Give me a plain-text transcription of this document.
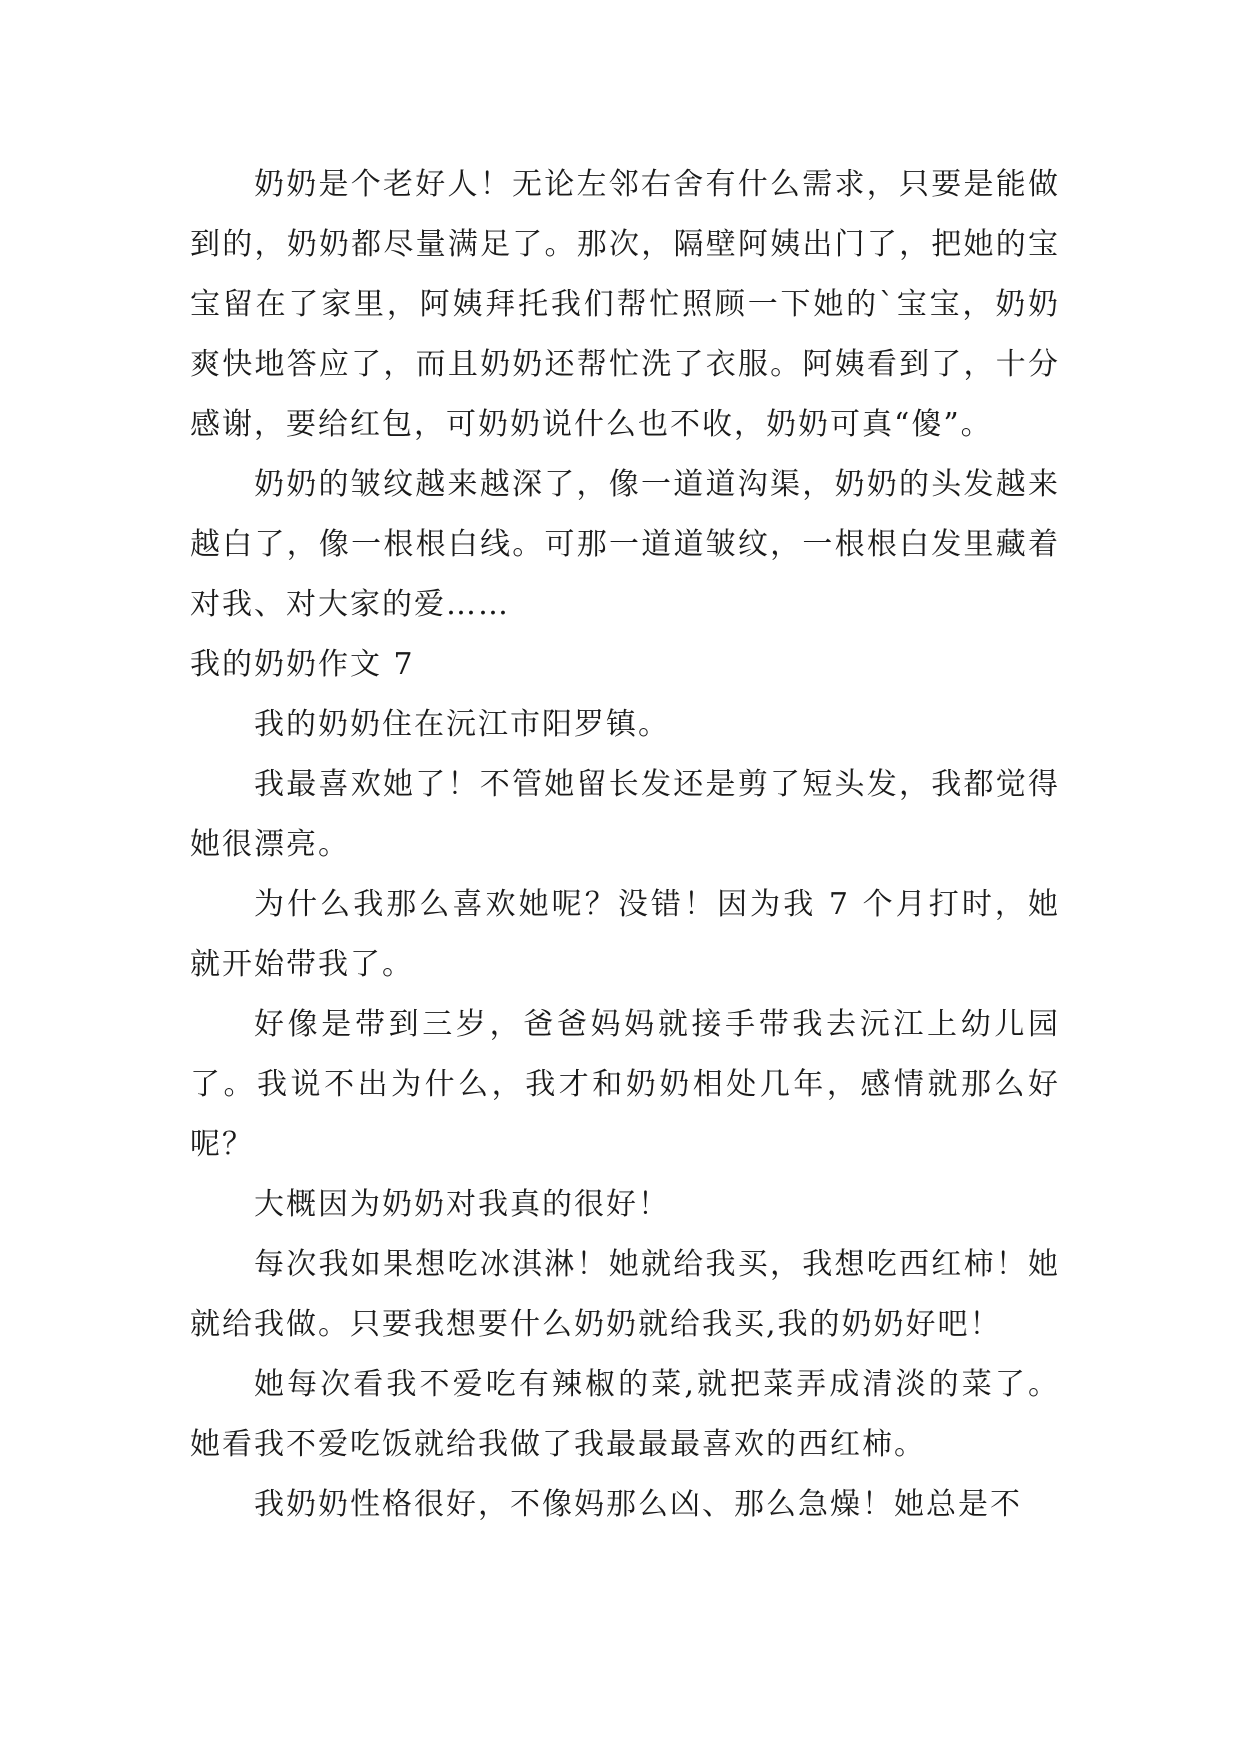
奶奶是个老好人！无论左邻右舍有什么需求，只要是能做到的，奶奶都尽量满足了。那次，隔壁阿姨出门了，把她的宝宝留在了家里，阿姨拜托我们帮忙照顾一下她的`宝宝，奶奶爽快地答应了，而且奶奶还帮忙洗了衣服。阿姨看到了，十分感谢，要给红包，可奶奶说什么也不收，奶奶可真“傻”。

奶奶的皱纹越来越深了，像一道道沟渠，奶奶的头发越来越白了，像一根根白线。可那一道道皱纹，一根根白发里藏着对我、对大家的爱……

我的奶奶作文 7

我的奶奶住在沅江市阳罗镇。

我最喜欢她了！不管她留长发还是剪了短头发，我都觉得她很漂亮。

为什么我那么喜欢她呢？没错！因为我 7 个月打时，她就开始带我了。

好像是带到三岁，爸爸妈妈就接手带我去沅江上幼儿园了。我说不出为什么，我才和奶奶相处几年，感情就那么好呢？

大概因为奶奶对我真的很好！

每次我如果想吃冰淇淋！她就给我买，我想吃西红柿！她就给我做。只要我想要什么奶奶就给我买,我的奶奶好吧！

她每次看我不爱吃有辣椒的菜,就把菜弄成清淡的菜了。她看我不爱吃饭就给我做了我最最最喜欢的西红柿。

我奶奶性格很好，不像妈那么凶、那么急燥！她总是不
